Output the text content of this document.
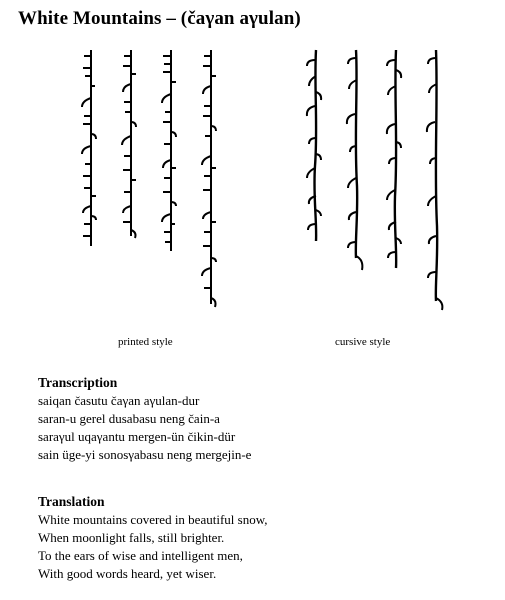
White Mountains – (čaγan aγulan)
printed style	cursive style
Transcription
saiqan časutu čaγan aγulan-dur
saran-u gerel dusabasu neng čain-a
saraγul uqaγantu mergen-ün čikin-dür
sain üge-yi sonosγabasu neng mergejin-e
Translation
White mountains covered in beautiful snow,
When moonlight falls, still brighter.
To the ears of wise and intelligent men,
With good words heard, yet wiser.
